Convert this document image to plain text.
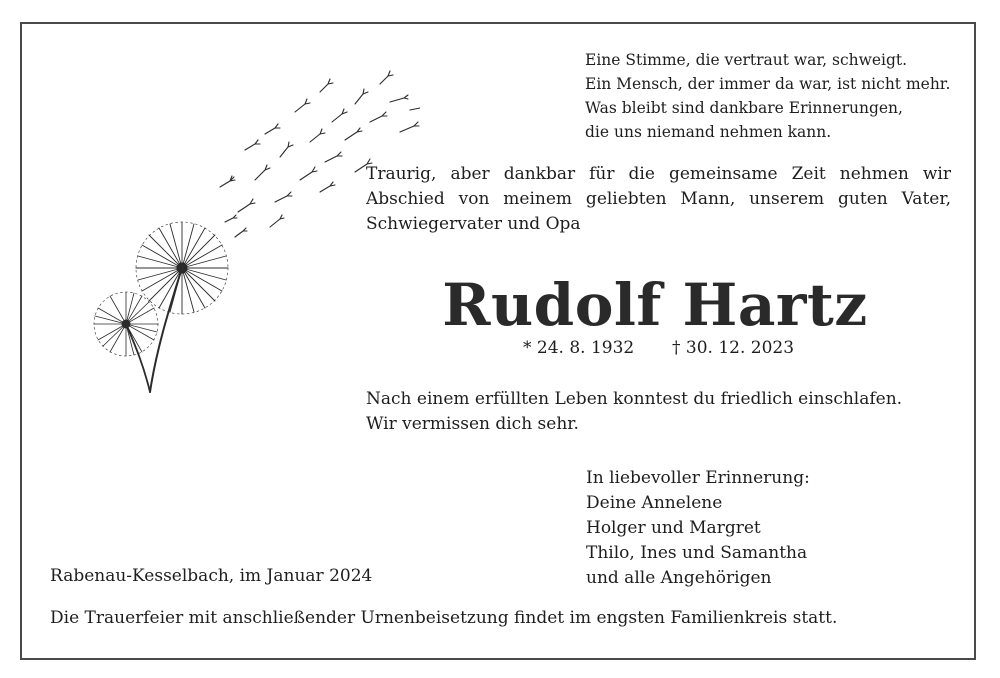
Eine Stimme, die vertraut war, schweigt.
Ein Mensch, der immer da war, ist nicht mehr.
Was bleibt sind dankbare Erinnerungen,
die uns niemand nehmen kann.
Traurig, aber dankbar für die gemeinsame Zeit nehmen wir
Abschied von meinem geliebten Mann, unserem guten Vater,
Schwiegervater und Opa
Rudolf Hartz
* 24. 8. 1932 † 30. 12. 2023
Nach einem erfüllten Leben konntest du friedlich einschlafen.
Wir vermissen dich sehr.
In liebevoller Erinnerung:
Deine Annelene
Holger und Margret
Thilo, Ines und Samantha
und alle Angehörigen
Rabenau-Kesselbach, im Januar 2024
Die Trauerfeier mit anschließender Urnenbeisetzung findet im engsten Familienkreis statt.
